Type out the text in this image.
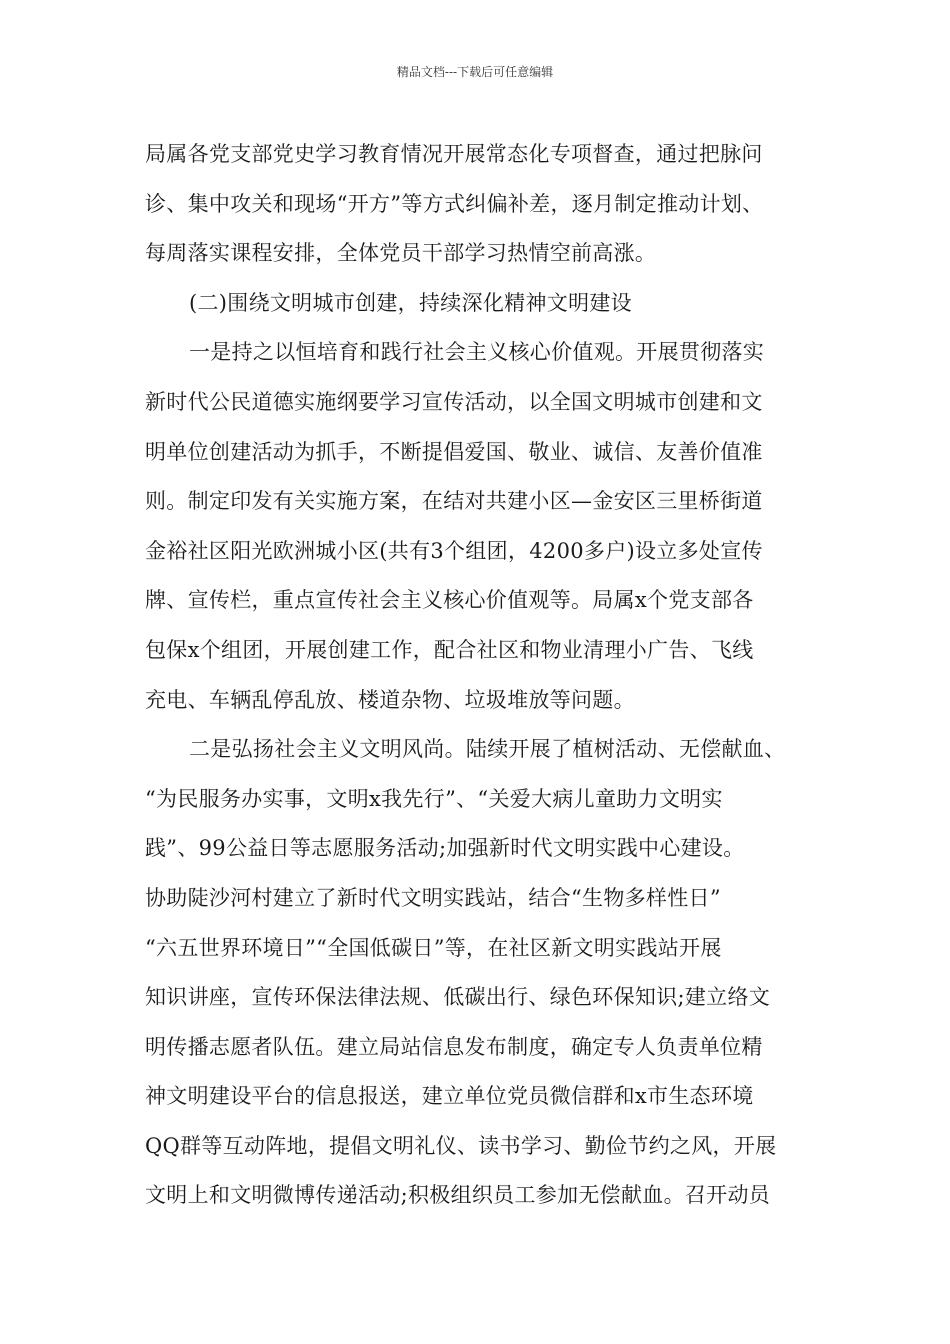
精品文档---下载后可任意编辑
局属各党支部党史学习教育情况开展常态化专项督查，通过把脉问
诊、集中攻关和现场“开方”等方式纠偏补差，逐月制定推动计划、
每周落实课程安排，全体党员干部学习热情空前高涨。
(二)围绕文明城市创建，持续深化精神文明建设
一是持之以恒培育和践行社会主义核心价值观。开展贯彻落实
新时代公民道德实施纲要学习宣传活动，以全国文明城市创建和文
明单位创建活动为抓手，不断提倡爱国、敬业、诚信、友善价值准
则。制定印发有关实施方案，在结对共建小区—金安区三里桥街道
金裕社区阳光欧洲城小区(共有3个组团，4200多户)设立多处宣传
牌、宣传栏，重点宣传社会主义核心价值观等。局属x个党支部各
包保x个组团，开展创建工作，配合社区和物业清理小广告、飞线
充电、车辆乱停乱放、楼道杂物、垃圾堆放等问题。
二是弘扬社会主义文明风尚。陆续开展了植树活动、无偿献血、
“为民服务办实事，文明x我先行”、“关爱大病儿童助力文明实
践”、99公益日等志愿服务活动;加强新时代文明实践中心建设。
协助陡沙河村建立了新时代文明实践站，结合“生物多样性日”
“六五世界环境日”“全国低碳日”等，在社区新文明实践站开展
知识讲座，宣传环保法律法规、低碳出行、绿色环保知识;建立络文
明传播志愿者队伍。建立局站信息发布制度，确定专人负责单位精
神文明建设平台的信息报送，建立单位党员微信群和x市生态环境
QQ群等互动阵地，提倡文明礼仪、读书学习、勤俭节约之风，开展
文明上和文明微博传递活动;积极组织员工参加无偿献血。召开动员
